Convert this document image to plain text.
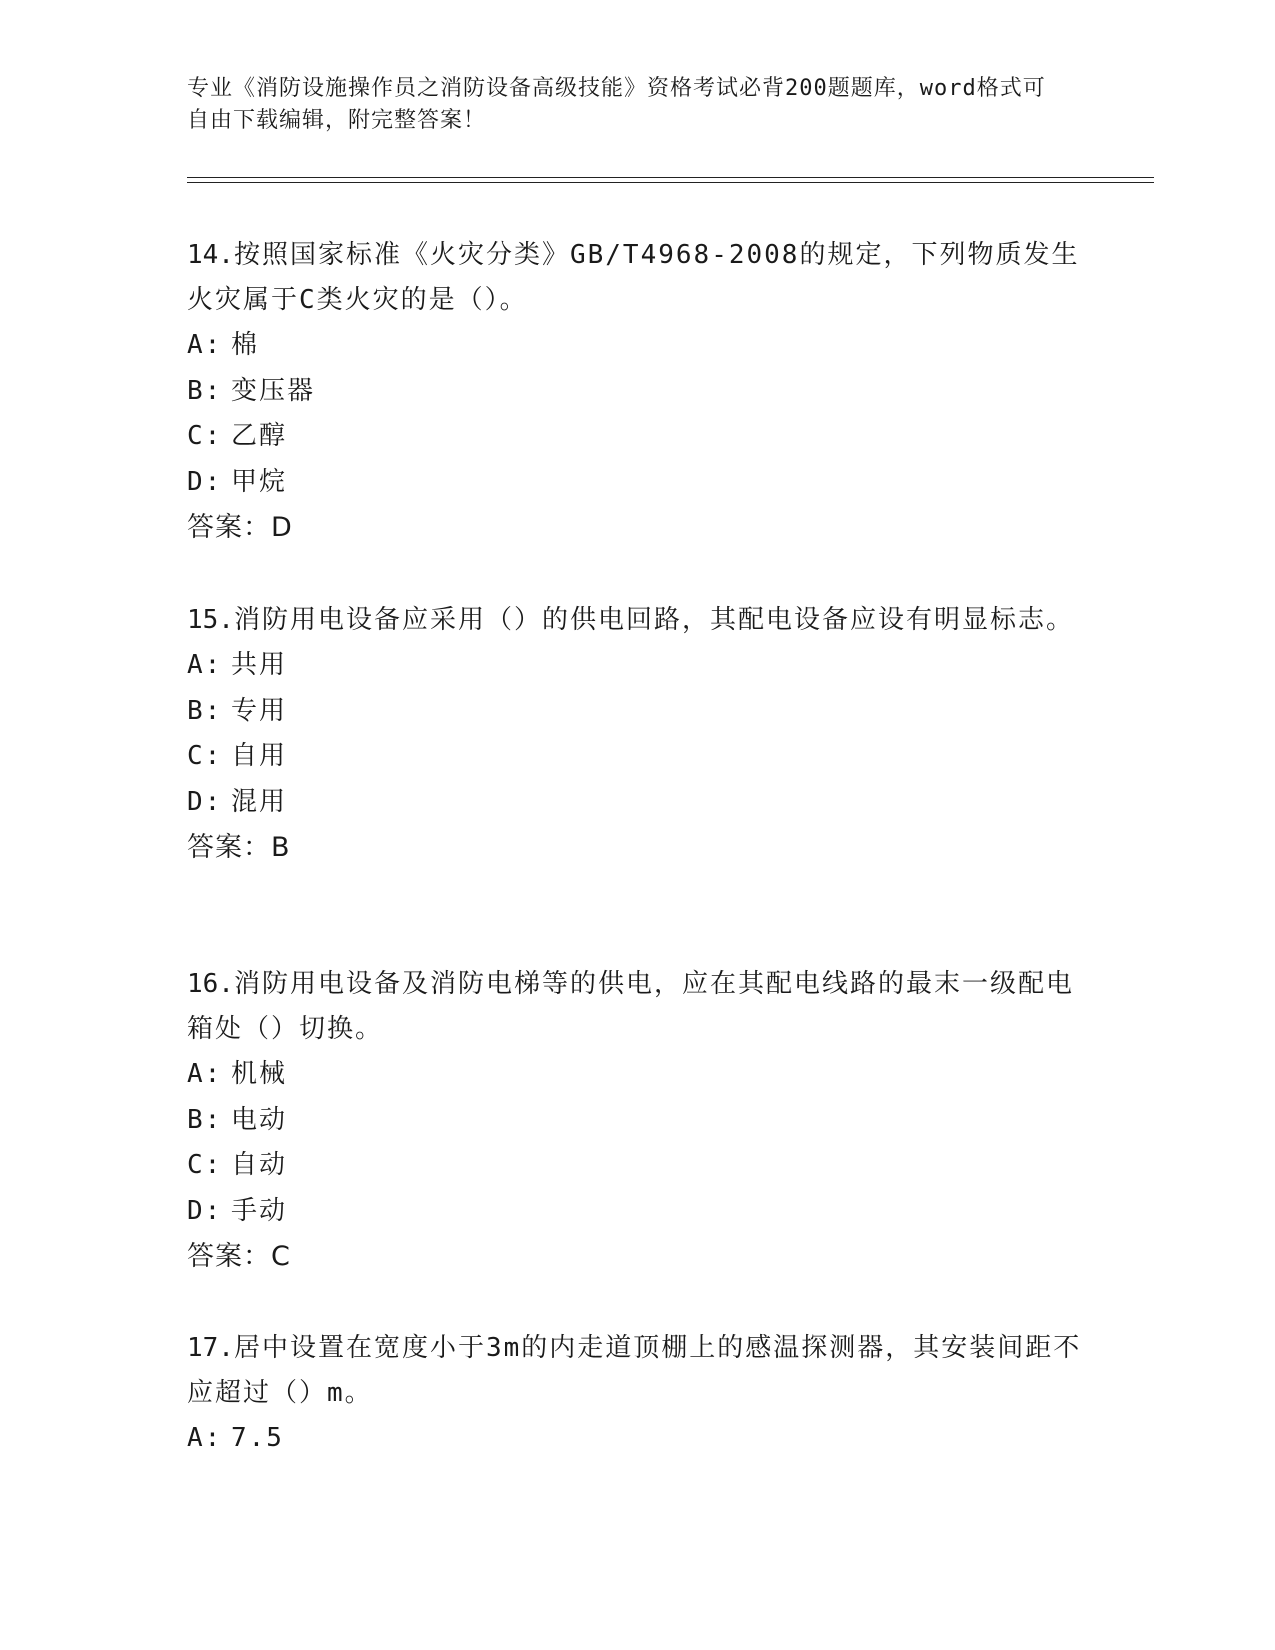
专业《消防设施操作员之消防设备高级技能》资格考试必背200题题库，word格式可自由下载编辑，附完整答案！

14.按照国家标准《火灾分类》GB/T4968-2008的规定，下列物质发生火灾属于C类火灾的是（）。

A: 棉

B: 变压器

C: 乙醇

D: 甲烷

答案：D

15.消防用电设备应采用（）的供电回路，其配电设备应设有明显标志。

A: 共用

B: 专用

C: 自用

D: 混用

答案：B

16.消防用电设备及消防电梯等的供电，应在其配电线路的最末一级配电箱处（）切换。

A: 机械

B: 电动

C: 自动

D: 手动

答案：C

17.居中设置在宽度小于3m的内走道顶棚上的感温探测器，其安装间距不应超过（）m。

A: 7.5
